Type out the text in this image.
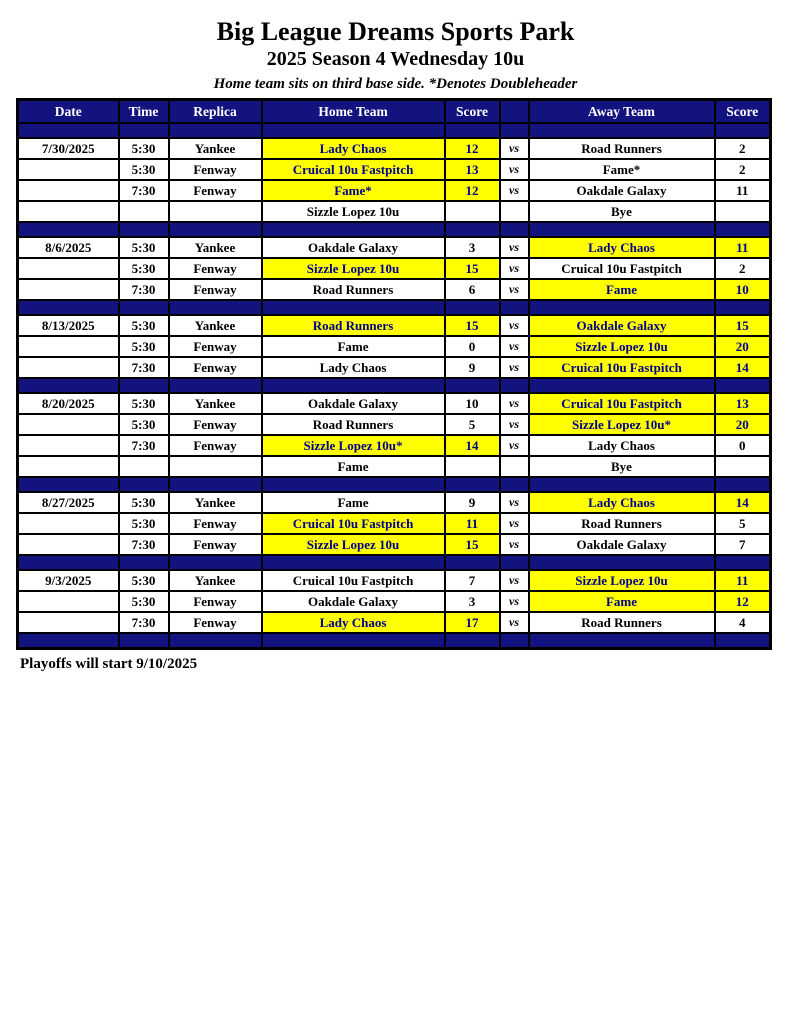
Big League Dreams Sports Park
2025 Season 4 Wednesday 10u
Home team sits on third base side. *Denotes Doubleheader
Date	Time	Replica	Home Team	Score		Away Team	Score

7/30/2025	5:30	Yankee	Lady Chaos	12	vs	Road Runners	2
	5:30	Fenway	Cruical 10u Fastpitch	13	vs	Fame*	2
	7:30	Fenway	Fame*	12	vs	Oakdale Galaxy	11
			Sizzle Lopez 10u			Bye	

8/6/2025	5:30	Yankee	Oakdale Galaxy	3	vs	Lady Chaos	11
	5:30	Fenway	Sizzle Lopez 10u	15	vs	Cruical 10u Fastpitch	2
	7:30	Fenway	Road Runners	6	vs	Fame	10

8/13/2025	5:30	Yankee	Road Runners	15	vs	Oakdale Galaxy	15
	5:30	Fenway	Fame	0	vs	Sizzle Lopez 10u	20
	7:30	Fenway	Lady Chaos	9	vs	Cruical 10u Fastpitch	14

8/20/2025	5:30	Yankee	Oakdale Galaxy	10	vs	Cruical 10u Fastpitch	13
	5:30	Fenway	Road Runners	5	vs	Sizzle Lopez 10u*	20
	7:30	Fenway	Sizzle Lopez 10u*	14	vs	Lady Chaos	0
			Fame			Bye	

8/27/2025	5:30	Yankee	Fame	9	vs	Lady Chaos	14
	5:30	Fenway	Cruical 10u Fastpitch	11	vs	Road Runners	5
	7:30	Fenway	Sizzle Lopez 10u	15	vs	Oakdale Galaxy	7

9/3/2025	5:30	Yankee	Cruical 10u Fastpitch	7	vs	Sizzle Lopez 10u	11
	5:30	Fenway	Oakdale Galaxy	3	vs	Fame	12
	7:30	Fenway	Lady Chaos	17	vs	Road Runners	4

Playoffs will start 9/10/2025
